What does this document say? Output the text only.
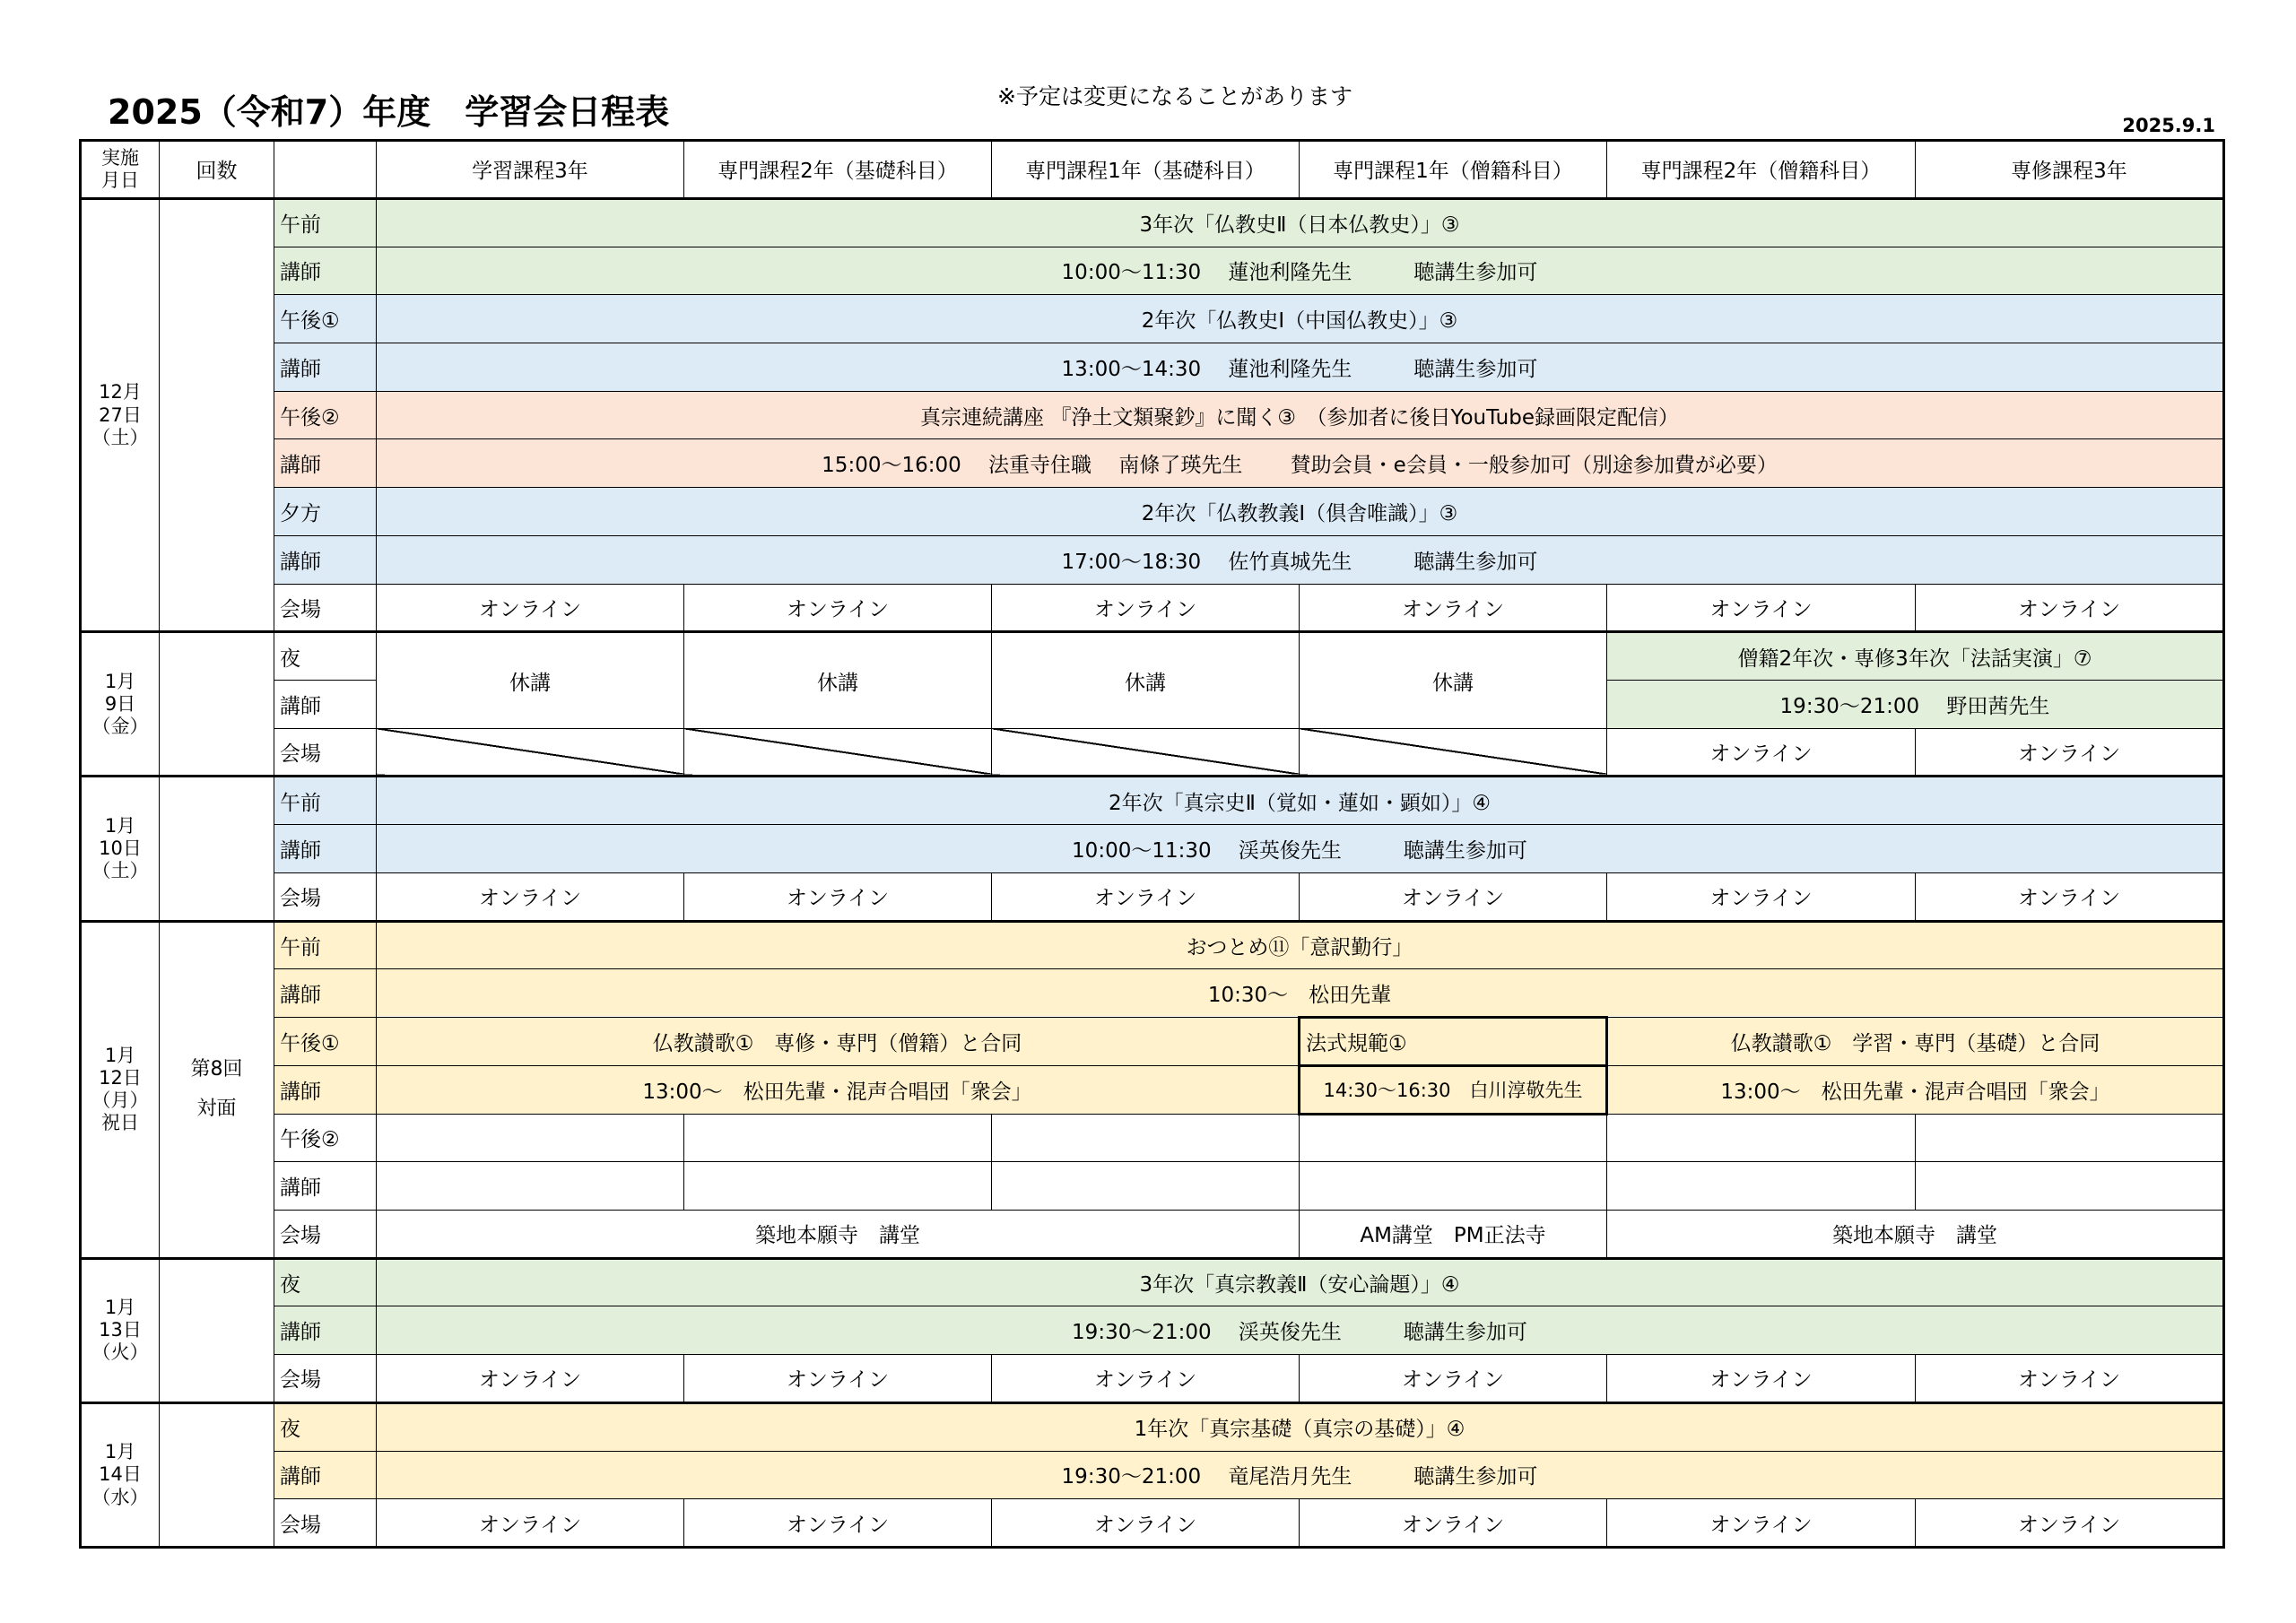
2025（令和7）年度　学習会日程表	※予定は変更になることがあります
2025.9.1
実施
月日	回数		学習課程3年	専門課程2年（基礎科目）	専門課程1年（基礎科目）	専門課程1年（僧籍科目）	専門課程2年（僧籍科目）	専修課程3年
12月
27日
（土）		午前	3年次「仏教史Ⅱ（日本仏教史）」③					
		講師	10:00～11:30　 蓮池利隆先生　　　聴講生参加可					
		午後①	2年次「仏教史Ⅰ（中国仏教史）」③					
		講師	13:00～14:30　 蓮池利隆先生　　　聴講生参加可					
		午後②	真宗連続講座 『浄土文類聚鈔』に聞く③　（参加者に後日YouTube録画限定配信）					
		講師	15:00～16:00　 法重寺住職　 南條了瑛先生　　 賛助会員・e会員・一般参加可（別途参加費が必要）					
		夕方	2年次「仏教教義Ⅰ（倶舎唯識）」③					
		講師	17:00～18:30　 佐竹真城先生　　　聴講生参加可					
		会場	オンライン	オンライン	オンライン	オンライン	オンライン	オンライン
1月
9日
（金）		夜	休講	休講	休講	休講	僧籍2年次・専修3年次「法話実演」⑦	
		講師					19:30～21:00　 野田茜先生	
		会場					オンライン	オンライン
1月
10日
（土）		午前	2年次「真宗史Ⅱ（覚如・蓮如・顕如）」④					
		講師	10:00～11:30　 渓英俊先生　　　聴講生参加可					
		会場	オンライン	オンライン	オンライン	オンライン	オンライン	オンライン
1月
12日
（月）
祝日	第8回
対面	午前	おつとめ⑪「意訳勤行」					
		講師	10:30～　松田先輩					
		午後①	仏教讃歌①　専修・専門（僧籍）と合同			法式規範①	仏教讃歌①　学習・専門（基礎）と合同	
		講師	13:00～　松田先輩・混声合唱団「衆会」			14:30～16:30　白川淳敬先生	13:00～　松田先輩・混声合唱団「衆会」	
		午後②						
		講師						
		会場	築地本願寺　講堂			AM講堂　PM正法寺	築地本願寺　講堂	
1月
13日
（火）		夜	3年次「真宗教義Ⅱ（安心論題）」④					
		講師	19:30～21:00　 渓英俊先生　　　聴講生参加可					
		会場	オンライン	オンライン	オンライン	オンライン	オンライン	オンライン
1月
14日
（水）		夜	1年次「真宗基礎（真宗の基礎）」④					
		講師	19:30～21:00　 竜尾浩月先生　　　聴講生参加可					
		会場	オンライン	オンライン	オンライン	オンライン	オンライン	オンライン
